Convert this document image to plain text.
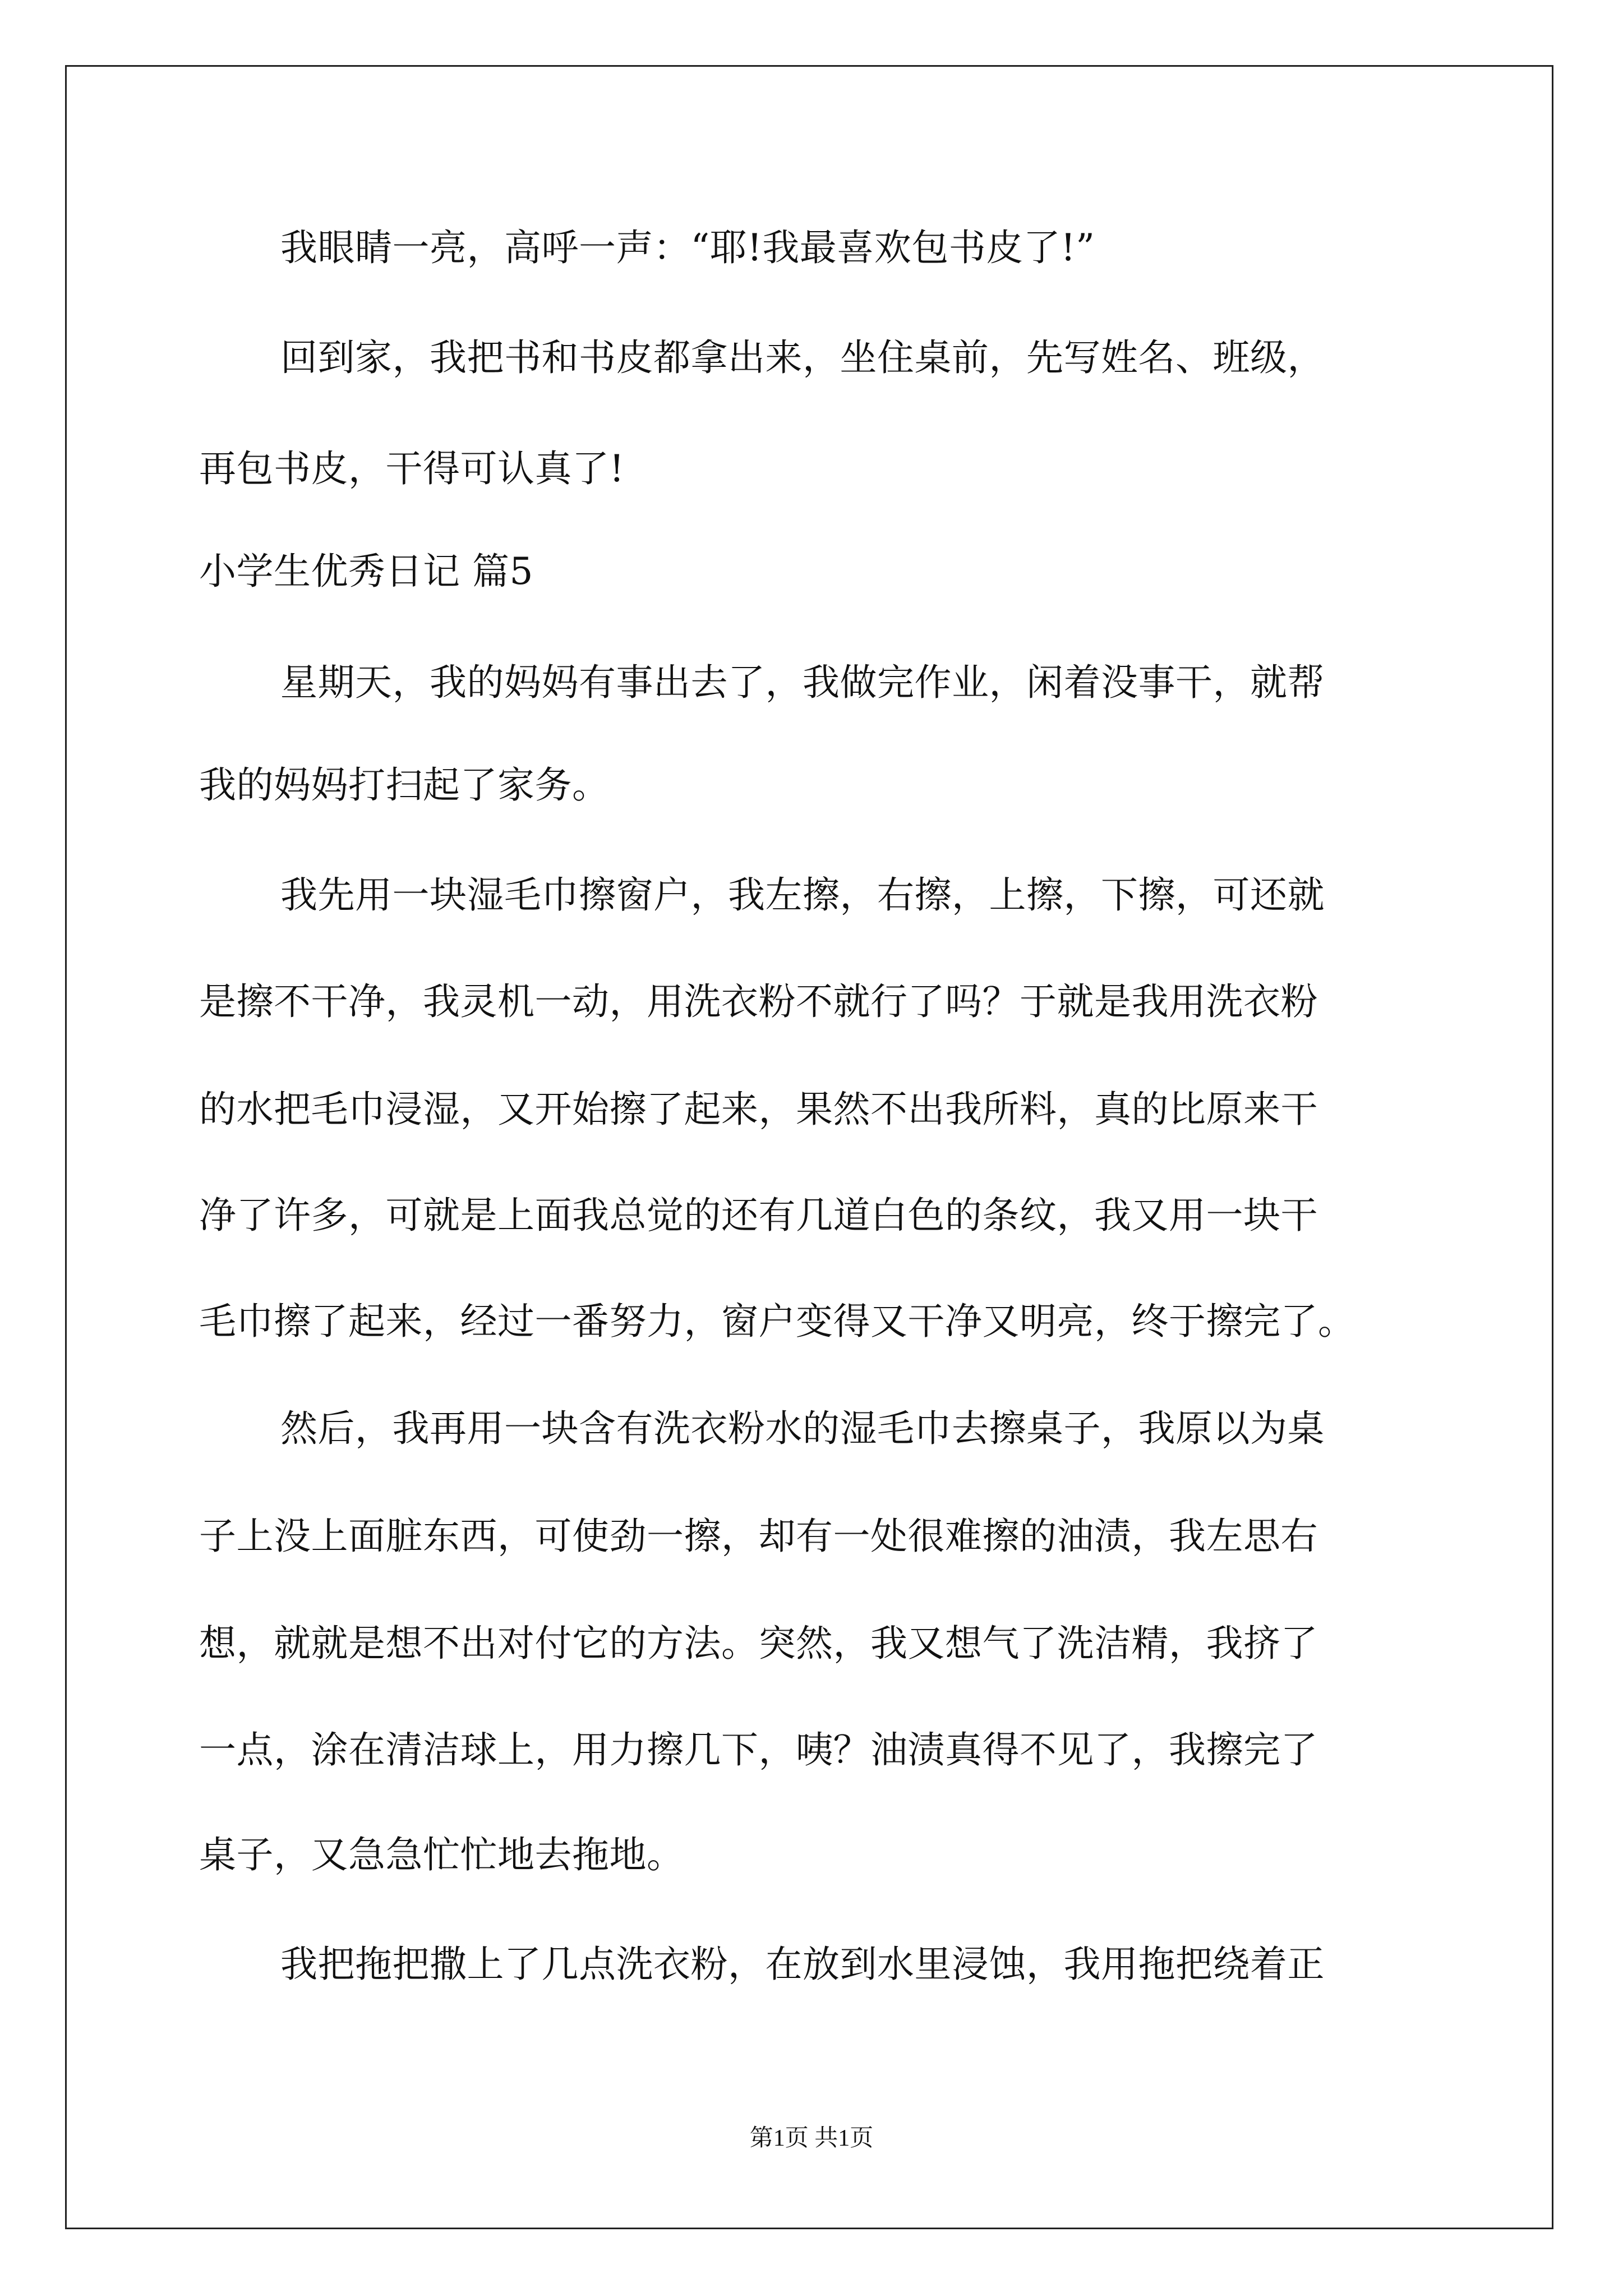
我眼睛一亮，高呼一声：“耶!我最喜欢包书皮了!”
回到家，我把书和书皮都拿出来，坐住桌前，先写姓名、班级，
再包书皮，干得可认真了!
小学生优秀日记 篇5
星期天，我的妈妈有事出去了，我做完作业，闲着没事干，就帮
我的妈妈打扫起了家务。
我先用一块湿毛巾擦窗户，我左擦，右擦，上擦，下擦，可还就
是擦不干净，我灵机一动，用洗衣粉不就行了吗？于就是我用洗衣粉
的水把毛巾浸湿，又开始擦了起来，果然不出我所料，真的比原来干
净了许多，可就是上面我总觉的还有几道白色的条纹，我又用一块干
毛巾擦了起来，经过一番努力，窗户变得又干净又明亮，终于擦完了。
然后，我再用一块含有洗衣粉水的湿毛巾去擦桌子，我原以为桌
子上没上面脏东西，可使劲一擦，却有一处很难擦的油渍，我左思右
想，就就是想不出对付它的方法。突然，我又想气了洗洁精，我挤了
一点，涂在清洁球上，用力擦几下，咦？油渍真得不见了，我擦完了
桌子，又急急忙忙地去拖地。
我把拖把撒上了几点洗衣粉，在放到水里浸蚀，我用拖把绕着正
第1页 共1页
